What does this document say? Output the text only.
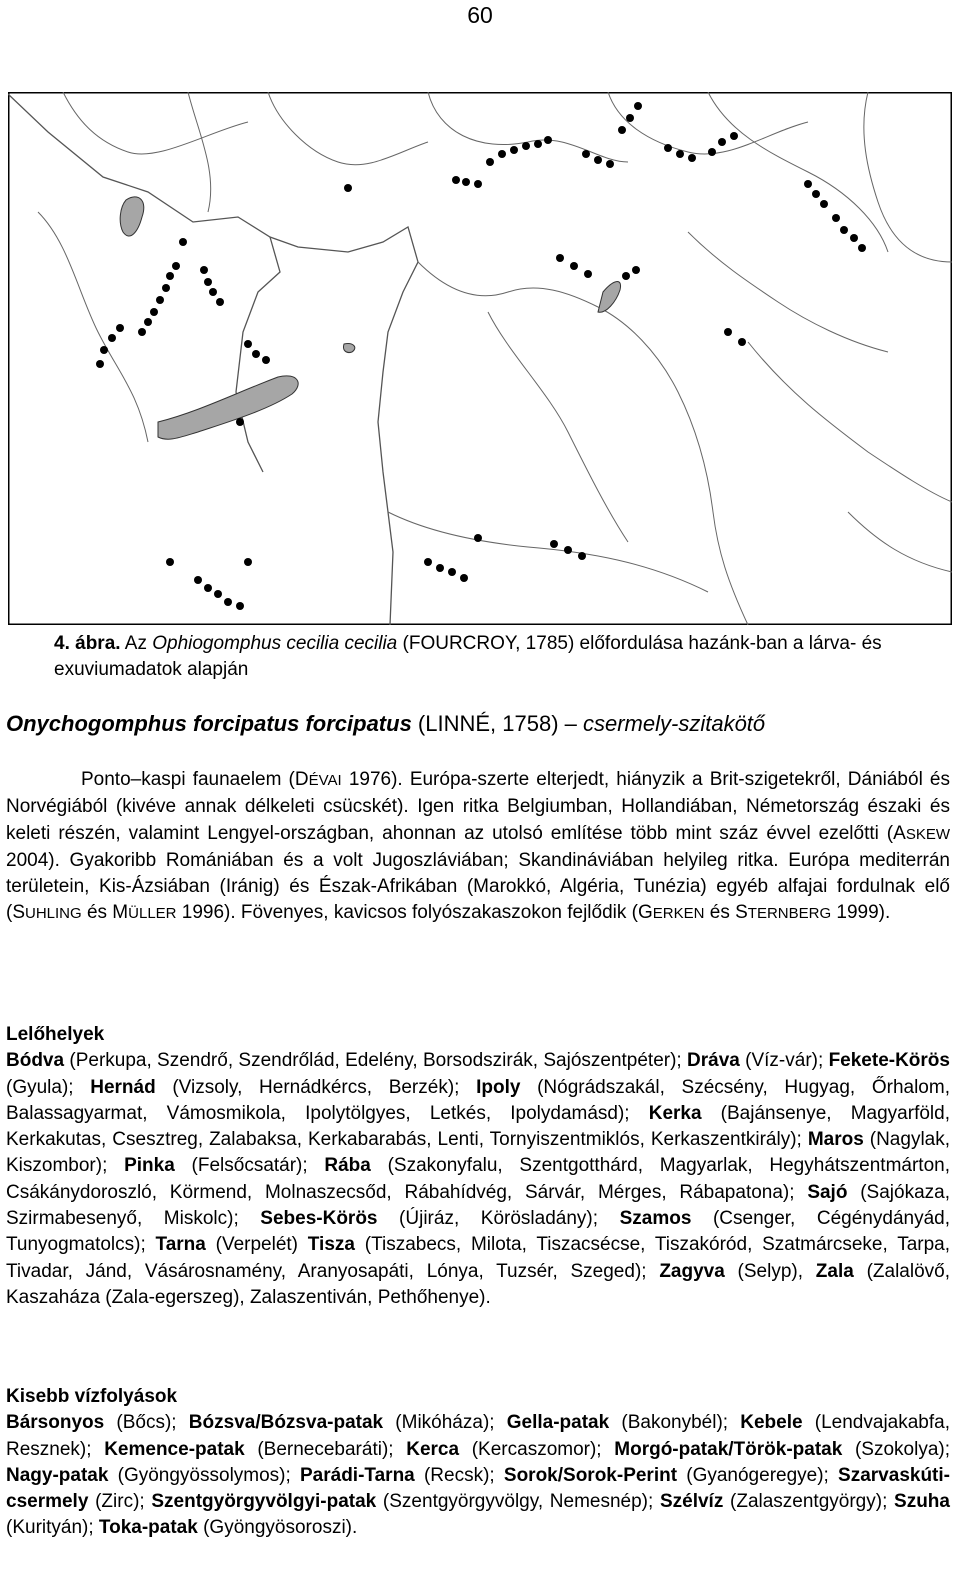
60
4. ábra. Az Ophiogomphus cecilia cecilia (FOURCROY, 1785) előfordulása hazánk-ban a lárva- és exuviumadatok alapján
Onychogomphus forcipatus forcipatus (LINNÉ, 1758) – csermely-szitakötő
Ponto–kaspi faunaelem (DÉVAI 1976). Európa-szerte elterjedt, hiányzik a Brit-szigetekről, Dániából és Norvégiából (kivéve annak délkeleti csücskét). Igen ritka Belgiumban, Hollandiában, Németország északi és keleti részén, valamint Lengyel-országban, ahonnan az utolsó említése több mint száz évvel ezelőtti (ASKEW 2004). Gyakoribb Romániában és a volt Jugoszláviában; Skandináviában helyileg ritka. Európa mediterrán területein, Kis-Ázsiában (Iránig) és Észak-Afrikában (Marokkó, Algéria, Tunézia) egyéb alfajai fordulnak elő (SUHLING és MÜLLER 1996). Fövenyes, kavicsos folyószakaszokon fejlődik (GERKEN és STERNBERG 1999).
Lelőhelyek
Bódva (Perkupa, Szendrő, Szendrőlád, Edelény, Borsodszirák, Sajószentpéter); Dráva (Víz-vár); Fekete-Körös (Gyula); Hernád (Vizsoly, Hernádkércs, Berzék); Ipoly (Nógrádszakál, Szécsény, Hugyag, Őrhalom, Balassagyarmat, Vámosmikola, Ipolytölgyes, Letkés, Ipolydamásd); Kerka (Bajánsenye, Magyarföld, Kerkakutas, Csesztreg, Zalabaksa, Kerkabarabás, Lenti, Tornyiszentmiklós, Kerkaszentkirály); Maros (Nagylak, Kiszombor); Pinka (Felsőcsatár); Rába (Szakonyfalu, Szentgotthárd, Magyarlak, Hegyhátszentmárton, Csákánydoroszló, Körmend, Molnaszecsőd, Rábahídvég, Sárvár, Mérges, Rábapatona); Sajó (Sajókaza, Szirmabesenyő, Miskolc); Sebes-Körös (Újiráz, Körösladány); Szamos (Csenger, Cégénydányád, Tunyogmatolcs); Tarna (Verpelét) Tisza (Tiszabecs, Milota, Tiszacsécse, Tiszakóród, Szatmárcseke, Tarpa, Tivadar, Jánd, Vásárosnamény, Aranyosapáti, Lónya, Tuzsér, Szeged); Zagyva (Selyp), Zala (Zalalövő, Kaszaháza (Zala-egerszeg), Zalaszentiván, Pethőhenye).
Kisebb vízfolyások
Bársonyos (Bőcs); Bózsva/Bózsva-patak (Mikóháza); Gella-patak (Bakonybél); Kebele (Lendvajakabfa, Resznek); Kemence-patak (Bernecebaráti); Kerca (Kercaszomor); Morgó-patak/Török-patak (Szokolya); Nagy-patak (Gyöngyössolymos); Parádi-Tarna (Recsk); Sorok/Sorok-Perint (Gyanógeregye); Szarvaskúti-csermely (Zirc); Szentgyörgyvölgyi-patak (Szentgyörgyvölgy, Nemesnép); Szélvíz (Zalaszentgyörgy); Szuha (Kurityán); Toka-patak (Gyöngyösoroszi).
